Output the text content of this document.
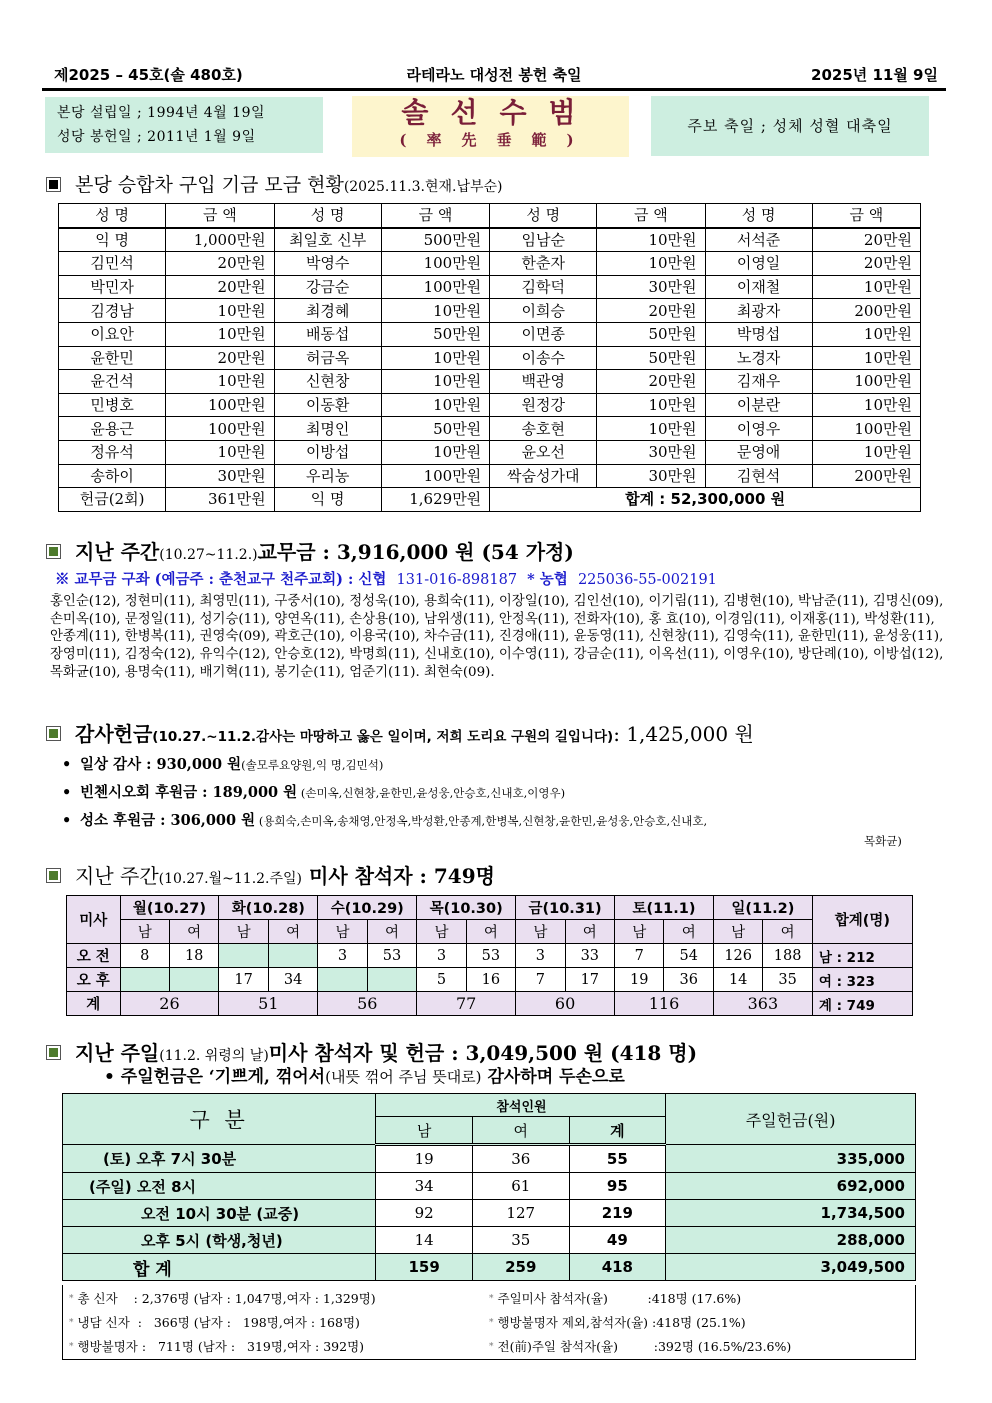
제2025 – 45호(솔 480호)	라테라노 대성전 봉헌 축일	2025년 11월 9일
본당 설립일 ; 1994년 4월 19일
성당 봉헌일 ; 2011년 1월 9일
솔선수범
(率先垂範)
주보 축일 ; 성체 성혈 대축일
본당 승합차 구입 기금 모금 현황(2025.11.3.현재.납부순)
성 명	금 액	성 명	금 액	성 명	금 액	성 명	금 액
익 명	1,000만원	최일호 신부	500만원	임남순	10만원	서석준	20만원
김민석	20만원	박영수	100만원	한춘자	10만원	이영일	20만원
박민자	20만원	강금순	100만원	김학덕	30만원	이재철	10만원
김경남	10만원	최경혜	10만원	이희승	20만원	최광자	200만원
이요안	10만원	배동섭	50만원	이면종	50만원	박명섭	10만원
윤한민	20만원	허금옥	10만원	이송수	50만원	노경자	10만원
윤건석	10만원	신현창	10만원	백관영	20만원	김재우	100만원
민병호	100만원	이동환	10만원	원정강	10만원	이분란	10만원
윤용근	100만원	최명인	50만원	송호현	10만원	이영우	100만원
정유석	10만원	이방섭	10만원	윤오선	30만원	문영애	10만원
송하이	30만원	우리농	100만원	싹숨성가대	30만원	김현석	200만원
헌금(2회)	361만원	익 명	1,629만원	합계 : 52,300,000 원			
지난 주간(10.27~11.2.)교무금 : 3,916,000 원 (54 가정)
※ 교무금 구좌 (예금주 : 춘천교구 천주교회) : 신협 131-016-898187 * 농협 225036-55-002191
홍인순(12), 정현미(11), 최영민(11), 구중서(10), 정성욱(10), 용희숙(11), 이장일(10), 김인선(10), 이기림(11), 김병현(10), 박남준(11), 김명신(09), 손미옥(10), 문정일(11), 성기승(11), 양연옥(11), 손상용(10), 남위생(11), 안정옥(11), 전화자(10), 홍 효(10), 이경임(11), 이재홍(11), 박성환(11), 안종계(11), 한병복(11), 권영숙(09), 곽호근(10), 이용국(10), 차수금(11), 진경애(11), 윤동영(11), 신현창(11), 김영숙(11), 윤한민(11), 윤성웅(11), 장영미(11), 김정숙(12), 유익수(12), 안승호(12), 박명희(11), 신내호(10), 이수영(11), 강금순(11), 이옥선(11), 이영우(10), 방단례(10), 이방섭(12), 목화균(10), 용명숙(11), 배기혁(11), 봉기순(11), 엄준기(11). 최현숙(09).
감사헌금(10.27.~11.2.감사는 마땅하고 옳은 일이며, 저희 도리요 구원의 길입니다): 1,425,000 원
• 일상 감사 : 930,000 원(솔모루요양원,익 명,김민석)
• 빈첸시오회 후원금 : 189,000 원 (손미옥,신현창,윤한민,윤성웅,안승호,신내호,이영우)
• 성소 후원금 : 306,000 원 (용희숙,손미옥,송채영,안정옥,박성환,안종계,한병복,신현창,윤한민,윤성웅,안승호,신내호,
목화균)
지난 주간(10.27.월~11.2.주일) 미사 참석자 : 749명
미사	월(10.27)		화(10.28)		수(10.29)		목(10.30)		금(10.31)		토(11.1)		일(11.2)		합계(명)
	남	여	남	여	남	여	남	여	남	여	남	여	남	여	
오 전	8	18			3	53	3	53	3	33	7	54	126	188	남 : 212
오 후			17	34			5	16	7	17	19	36	14	35	여 : 323
계	26		51		56		77		60		116		363		계 : 749
지난 주일(11.2. 위령의 날)미사 참석자 및 헌금 : 3,049,500 원 (418 명)
• 주일헌금은 ‘기쁘게, 꺾어서(내뜻 꺾어 주님 뜻대로) 감사하며 두손으로
구 분	참석인원			주일헌금(원)
	남	여	계	
(토) 오후 7시 30분	19	36	55	335,000
(주일) 오전 8시	34	61	95	692,000
오전 10시 30분 (교중)	92	127	219	1,734,500
오후 5시 (학생,청년)	14	35	49	288,000
합 계	159	259	418	3,049,500
* 총 신자    : 2,376명 (남자 : 1,047명,여자 : 1,329명)
* 냉담 신자  :   366명 (남자 :   198명,여자 : 168명)
* 행방불명자 :   711명 (남자 :   319명,여자 : 392명)
* 주일미사 참석자(율)          :418명 (17.6%)
* 행방불명자 제외,참석자(율) :418명 (25.1%)
* 전(前)주일 참석자(율)         :392명 (16.5%/23.6%)
